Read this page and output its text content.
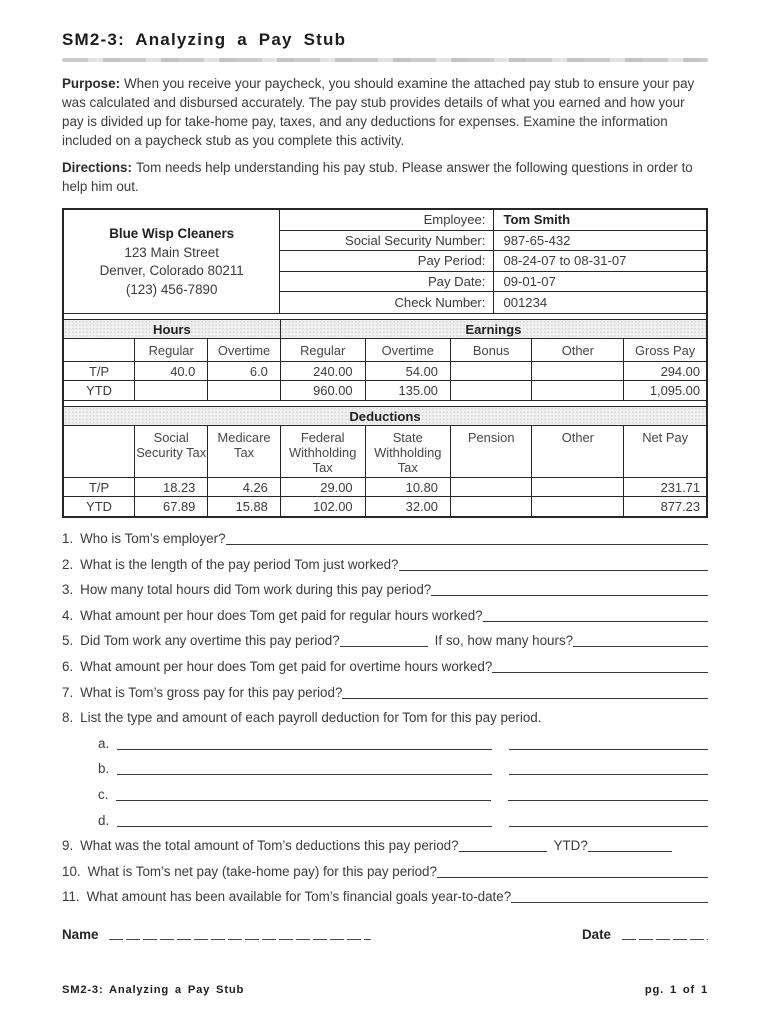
SM2-3: Analyzing a Pay Stub

Purpose: When you receive your paycheck, you should examine the attached pay stub to ensure your pay was calculated and disbursed accurately. The pay stub provides details of what you earned and how your pay is divided up for take-home pay, taxes, and any deductions for expenses. Examine the information included on a paycheck stub as you complete this activity.

Directions: Tom needs help understanding his pay stub. Please answer the following questions in order to help him out.

Blue Wisp Cleaners
123 Main Street
Denver, Colorado 80211
(123) 456-7890
Employee:	Tom Smith
Social Security Number:	987-65-432
Pay Period:	08-24-07 to 08-31-07
Pay Date:	09-01-07
Check Number:	001234
Hours			Earnings				
	Regular	Overtime	Regular	Overtime	Bonus	Other	Gross Pay
T/P	40.0	6.0	240.00	54.00			294.00
YTD			960.00	135.00			1,095.00
Deductions							
	Social Security Tax	Medicare Tax	Federal Withholding Tax	State Withholding Tax	Pension	Other	Net Pay
T/P	18.23	4.26	29.00	10.80			231.71
YTD	67.89	15.88	102.00	32.00			877.23
1. Who is Tom’s employer?
2. What is the length of the pay period Tom just worked?
3. How many total hours did Tom work during this pay period?
4. What amount per hour does Tom get paid for regular hours worked?
5. Did Tom work any overtime this pay period?	If so, how many hours?
6. What amount per hour does Tom get paid for overtime hours worked?
7. What is Tom’s gross pay for this pay period?
8. List the type and amount of each payroll deduction for Tom for this pay period.
a.
b.
c.
d.
9. What was the total amount of Tom’s deductions this pay period?	YTD?
10. What is Tom’s net pay (take-home pay) for this pay period?
11. What amount has been available for Tom’s financial goals year-to-date?
Name	Date
SM2-3: Analyzing a Pay Stub	pg. 1 of 1
